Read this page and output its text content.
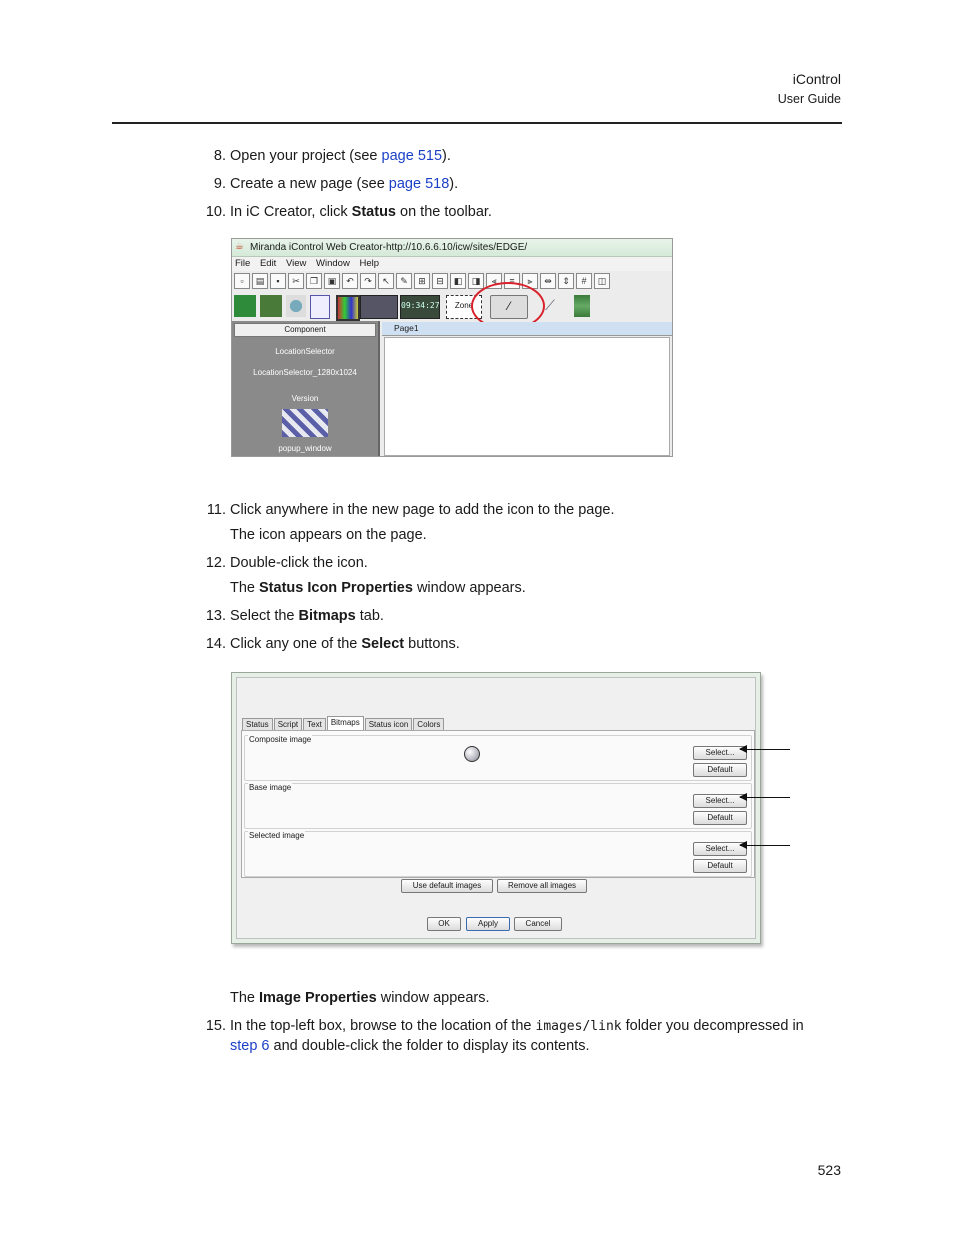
iControl
User Guide
8. Open your project (see page 515).
9. Create a new page (see page 518).
10. In iC Creator, click Status on the toolbar.
☕ Miranda iControl Web Creator-http://10.6.6.10/icw/sites/EDGE/
File Edit View Window Help
▫	▤	▪	✂	❐	▣	↶	↷	↖	✎	⊞	⊟	◧	◨	⫷	≡	⫸	⇹	⇕	#	◫
09:34:27	Zone	⁄	⟋
Component
LocationSelector
LocationSelector_1280x1024
Version
popup_window
Page1
11. Click anywhere in the new page to add the icon to the page.
The icon appears on the page.
12. Double-click the icon.
The Status Icon Properties window appears.
13. Select the Bitmaps tab.
14. Click any one of the Select buttons.
Status	Script	Text	Bitmaps	Status icon	Colors
Composite image
Select...
Default
Base image
Select...
Default
Selected image
Select...
Default
Use default images	Remove all images
OK	Apply	Cancel
The Image Properties window appears.
15. In the top-left box, browse to the location of the images/link folder you decompressed in
step 6 and double-click the folder to display its contents.
523
